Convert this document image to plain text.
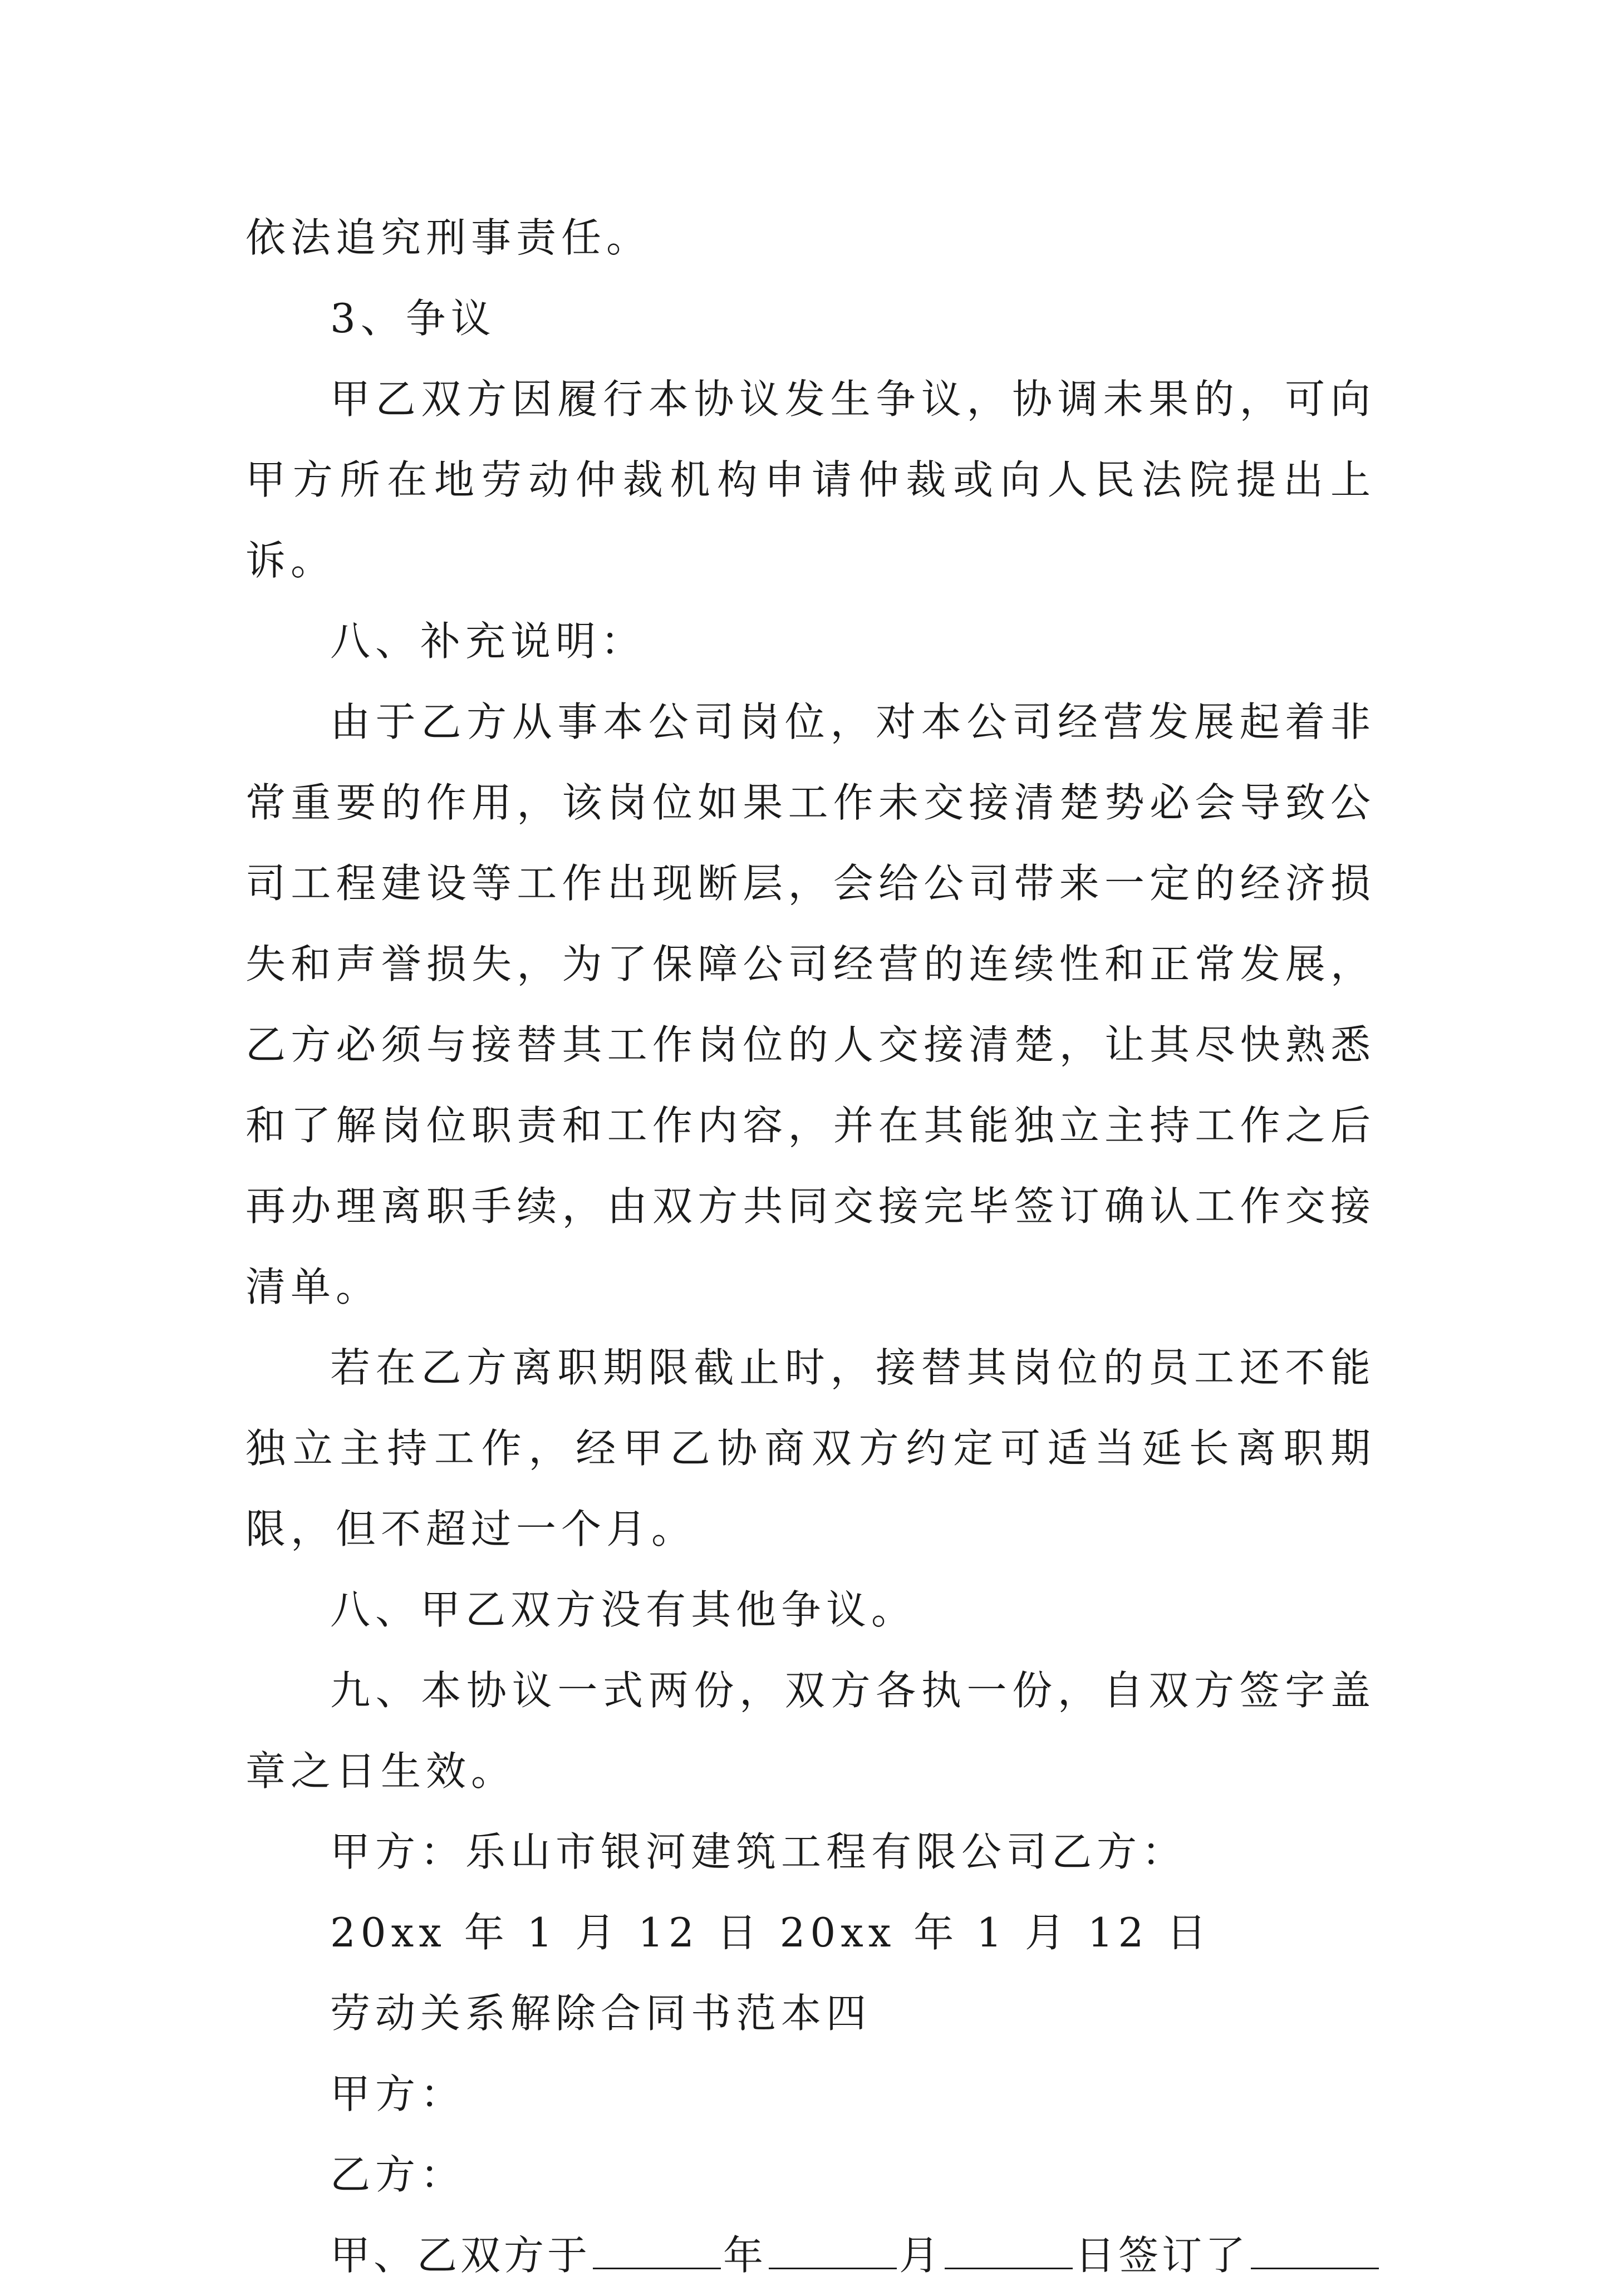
依法追究刑事责任。

3、争议

甲乙双方因履行本协议发生争议，协调未果的，可向甲方所在地劳动仲裁机构申请仲裁或向人民法院提出上诉。

八、补充说明：

由于乙方从事本公司岗位，对本公司经营发展起着非常重要的作用，该岗位如果工作未交接清楚势必会导致公司工程建设等工作出现断层，会给公司带来一定的经济损失和声誉损失，为了保障公司经营的连续性和正常发展，乙方必须与接替其工作岗位的人交接清楚，让其尽快熟悉和了解岗位职责和工作内容，并在其能独立主持工作之后再办理离职手续，由双方共同交接完毕签订确认工作交接清单。

若在乙方离职期限截止时，接替其岗位的员工还不能独立主持工作，经甲乙协商双方约定可适当延长离职期限，但不超过一个月。

八、甲乙双方没有其他争议。

九、本协议一式两份，双方各执一份，自双方签字盖章之日生效。

甲方：乐山市银河建筑工程有限公司乙方：

20xx 年 1 月 12 日 20xx 年 1 月 12 日

劳动关系解除合同书范本四

甲方：

乙方：

甲、乙双方于	年	月	日签订了
